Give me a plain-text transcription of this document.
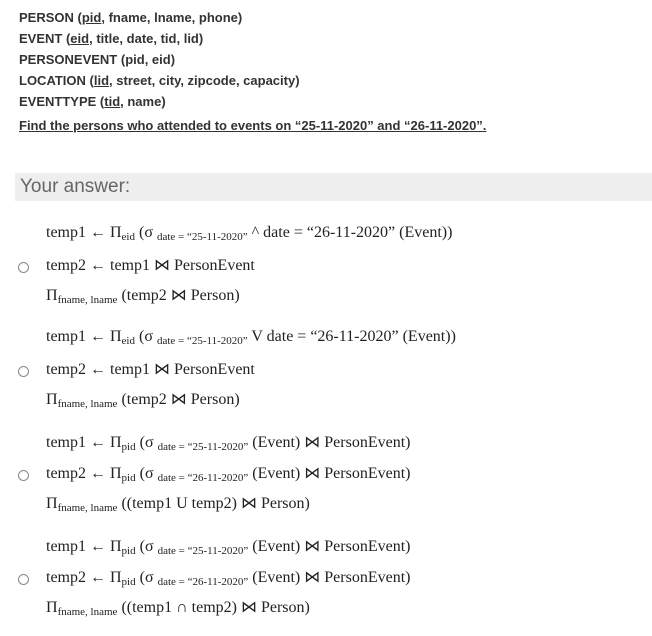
PERSON (pid, fname, lname, phone)
EVENT (eid, title, date, tid, lid)
PERSONEVENT (pid, eid)
LOCATION (lid, street, city, zipcode, capacity)
EVENTTYPE (tid, name)
Find the persons who attended to events on “25-11-2020” and “26-11-2020”.
Your answer:
temp1 ← $\Pi_{eid}$ (σ $_{date = “25-11-2020”}$ ^ date = “26-11-2020” (Event))
temp2 ← temp1 ⋈ PersonEvent
$\Pi_{fname, lname}$ (temp2 ⋈ Person)
temp1 ← $\Pi_{eid}$ (σ $_{date = “25-11-2020”}$ V date = “26-11-2020” (Event))
temp2 ← temp1 ⋈ PersonEvent
$\Pi_{fname, lname}$ (temp2 ⋈ Person)
temp1 ← $\Pi_{pid}$ (σ $_{date = “25-11-2020”}$ (Event) ⋈ PersonEvent)
temp2 ← $\Pi_{pid}$ (σ $_{date = “26-11-2020”}$ (Event) ⋈ PersonEvent)
$\Pi_{fname, lname}$ ((temp1 U temp2) ⋈ Person)
temp1 ← $\Pi_{pid}$ (σ $_{date = “25-11-2020”}$ (Event) ⋈ PersonEvent)
temp2 ← $\Pi_{pid}$ (σ $_{date = “26-11-2020”}$ (Event) ⋈ PersonEvent)
$\Pi_{fname, lname}$ ((temp1 ∩ temp2) ⋈ Person)
